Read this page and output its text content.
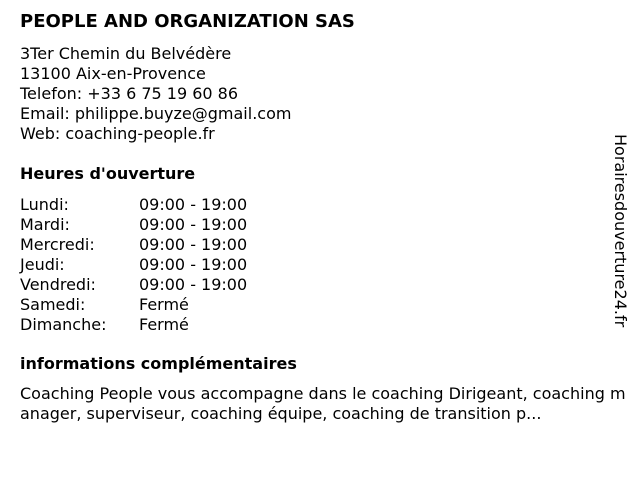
PEOPLE AND ORGANIZATION SAS
3Ter Chemin du Belvédère
13100 Aix-en-Provence
Telefon: +33 6 75 19 60 86
Email: philippe.buyze@gmail.com
Web: coaching-people.fr
Heures d'ouverture
Lundi:	09:00 - 19:00
Mardi:	09:00 - 19:00
Mercredi:	09:00 - 19:00
Jeudi:	09:00 - 19:00
Vendredi:	09:00 - 19:00
Samedi:	Fermé
Dimanche:	Fermé
informations complémentaires
Coaching People vous accompagne dans le coaching Dirigeant, coaching manager, superviseur, coaching équipe, coaching de transition p...
Horairesdouverture24.fr
